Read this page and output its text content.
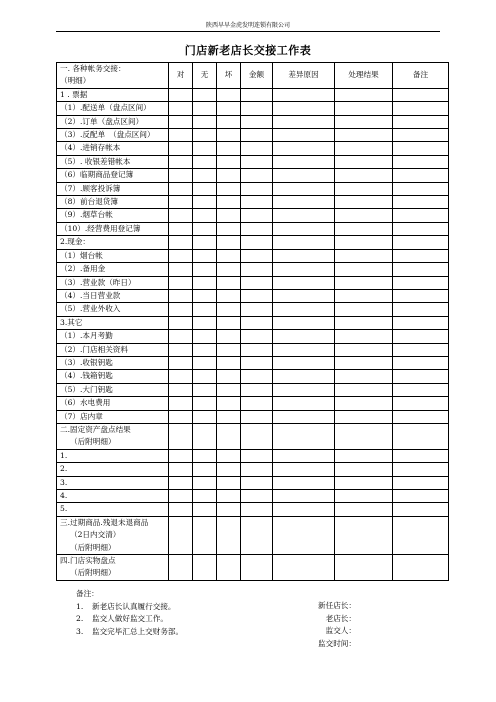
陕西早早金虎发明连锁有限公司
门店新老店长交接工作表
一. 各种帐务交接：
（明细）	对	无	坏	金额	差异原因	处理结果	备注
1 . 票据							
（1）.配送单（盘点区间）							
（2）.订单（盘点区间）							
（3）.反配单　（盘点区间）							
（4）.进销存帐本							
（5）. 收银差错帐本							
（6）临期商品登记簿							
（7）.顾客投诉簿							
（8）前台退货簿							
（9）.烟草台帐							
（10）.经营费用登记簿							
2.现金：							
（1）烟台帐							
（2）.备用金							
（3）.营业款（昨日）							
（4）.当日营业款							
（5）.营业外收入							
3.其它							
（1）.本月考勤							
（2）.门店相关资料							
（3）.收银钥匙							
（4）.钱箱钥匙							
（5）.大门钥匙							
（6）水电费用							
（7）店内章							
二.固定资产盘点结果
（后附明细）							

1.							
2.							
3.							
4.							
5.							
三.过期商品.残退未退商品
（2日内交清）
（后附明细）							

四.门店实物盘点
（后附明细）							

备注：
1. 新老店长认真履行交接。
2. 监交人做好监交工作。
3. 监交完毕汇总上交财务部。
新任店长：
老店长：
监交人：
监交时间：
